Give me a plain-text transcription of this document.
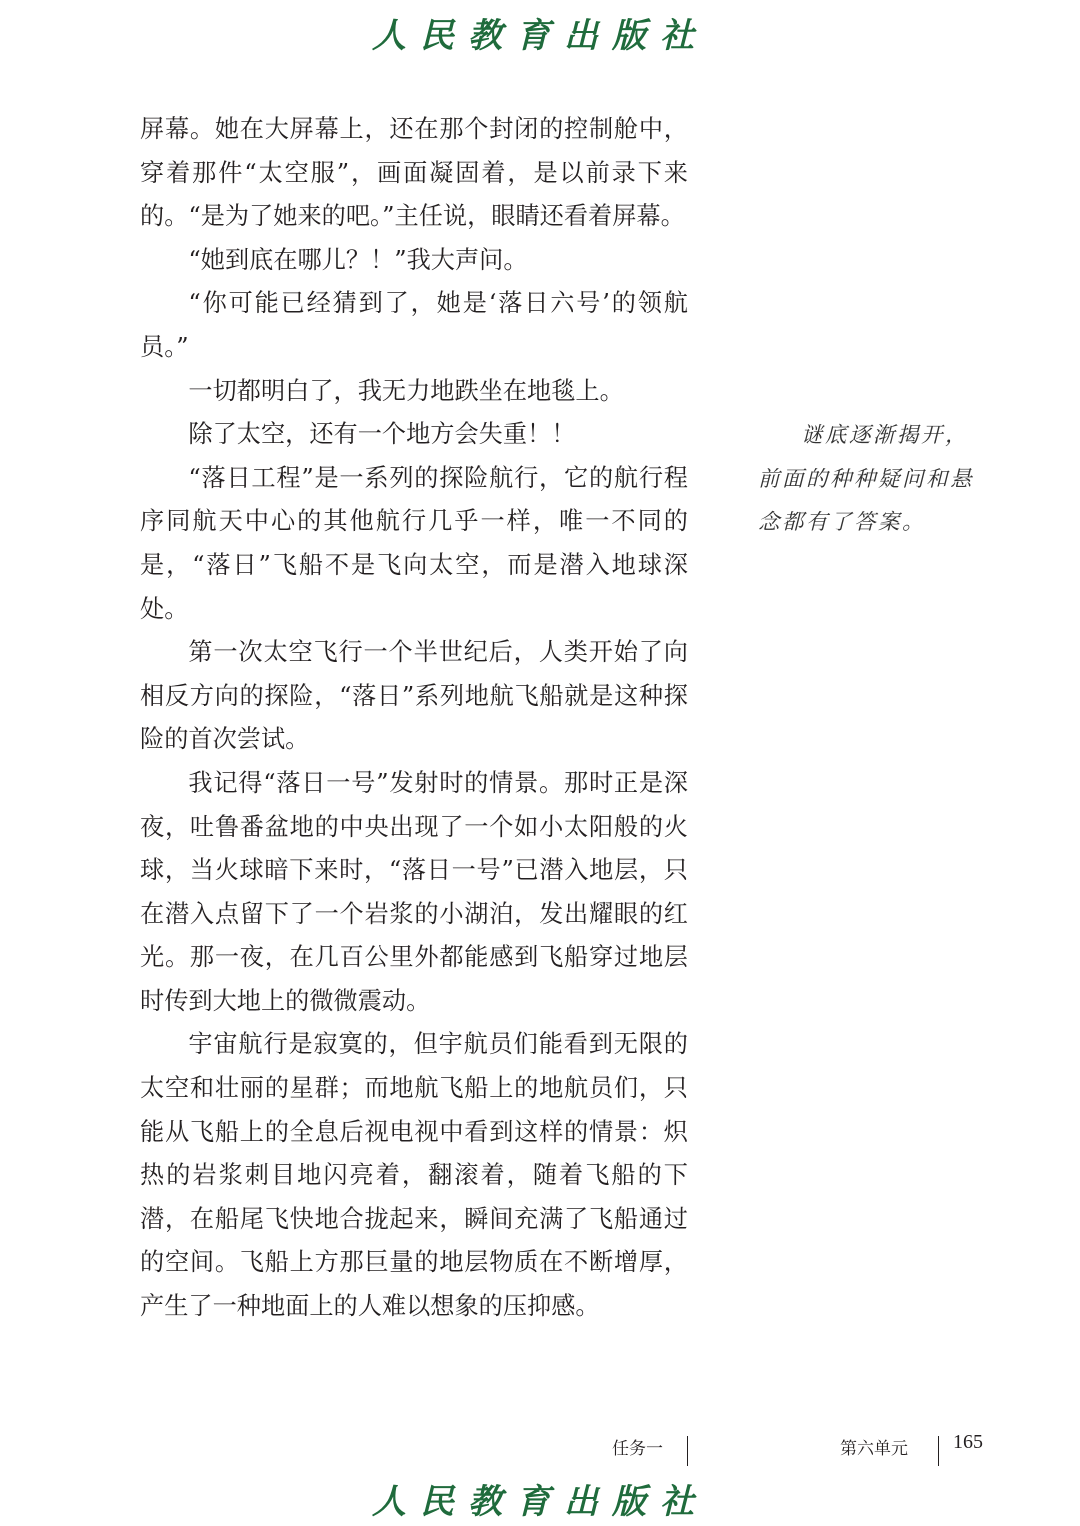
人民教育出版社

屏幕。她在大屏幕上，还在那个封闭的控制舱中，穿着那件“太空服”，画面凝固着，是以前录下来的。“是为了她来的吧。”主任说，眼睛还看着屏幕。

“她到底在哪儿？！”我大声问。

“你可能已经猜到了，她是‘落日六号’的领航员。”

一切都明白了，我无力地跌坐在地毯上。

除了太空，还有一个地方会失重！！

“落日工程”是一系列的探险航行，它的航行程序同航天中心的其他航行几乎一样，唯一不同的是，“落日”飞船不是飞向太空，而是潜入地球深处。

第一次太空飞行一个半世纪后，人类开始了向相反方向的探险，“落日”系列地航飞船就是这种探险的首次尝试。

我记得“落日一号”发射时的情景。那时正是深夜，吐鲁番盆地的中央出现了一个如小太阳般的火球，当火球暗下来时，“落日一号”已潜入地层，只在潜入点留下了一个岩浆的小湖泊，发出耀眼的红光。那一夜，在几百公里外都能感到飞船穿过地层时传到大地上的微微震动。

宇宙航行是寂寞的，但宇航员们能看到无限的太空和壮丽的星群；而地航飞船上的地航员们，只能从飞船上的全息后视电视中看到这样的情景：炽热的岩浆刺目地闪亮着，翻滚着，随着飞船的下潜，在船尾飞快地合拢起来，瞬间充满了飞船通过的空间。飞船上方那巨量的地层物质在不断增厚，产生了一种地面上的人难以想象的压抑感。

谜底逐渐揭开，前面的种种疑问和悬念都有了答案。
任务一	第六单元 165
人民教育出版社
